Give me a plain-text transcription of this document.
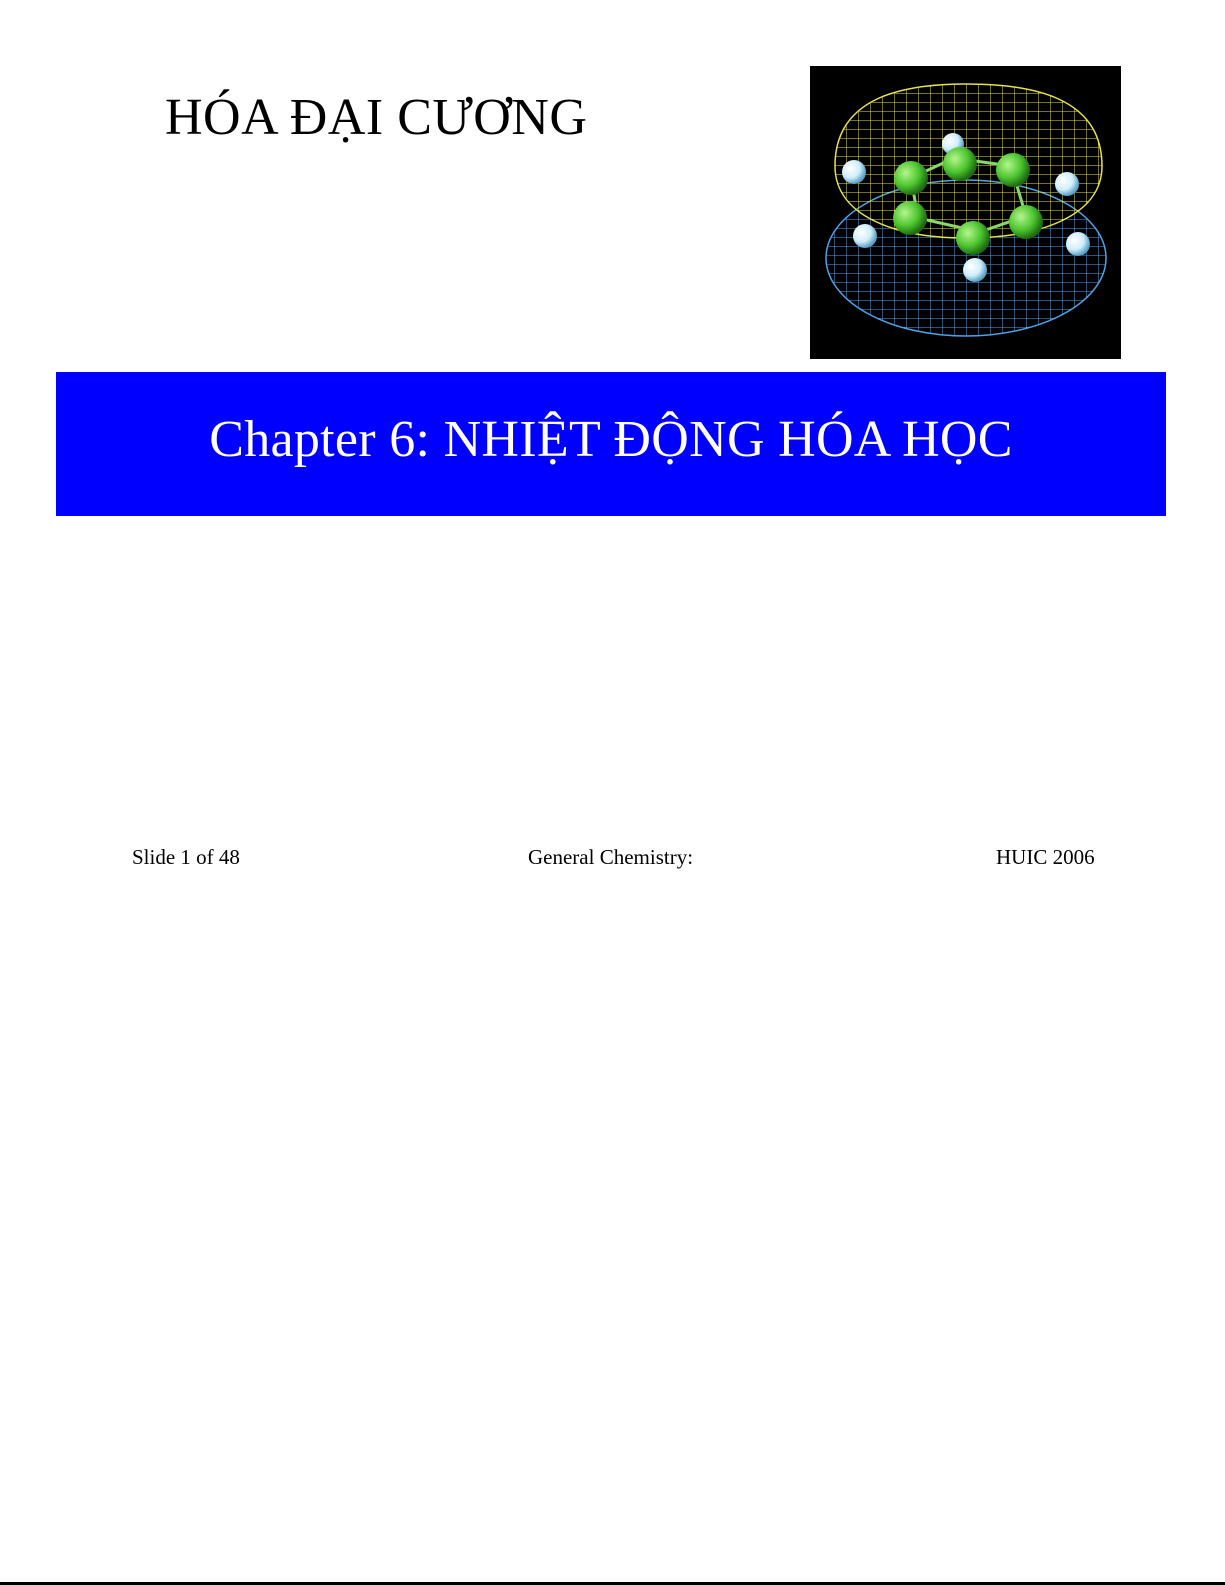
HÓA ĐẠI CƯƠNG
Chapter 6: NHIỆT ĐỘNG HÓA HỌC
Slide 1 of 48	General Chemistry:	HUIC 2006
